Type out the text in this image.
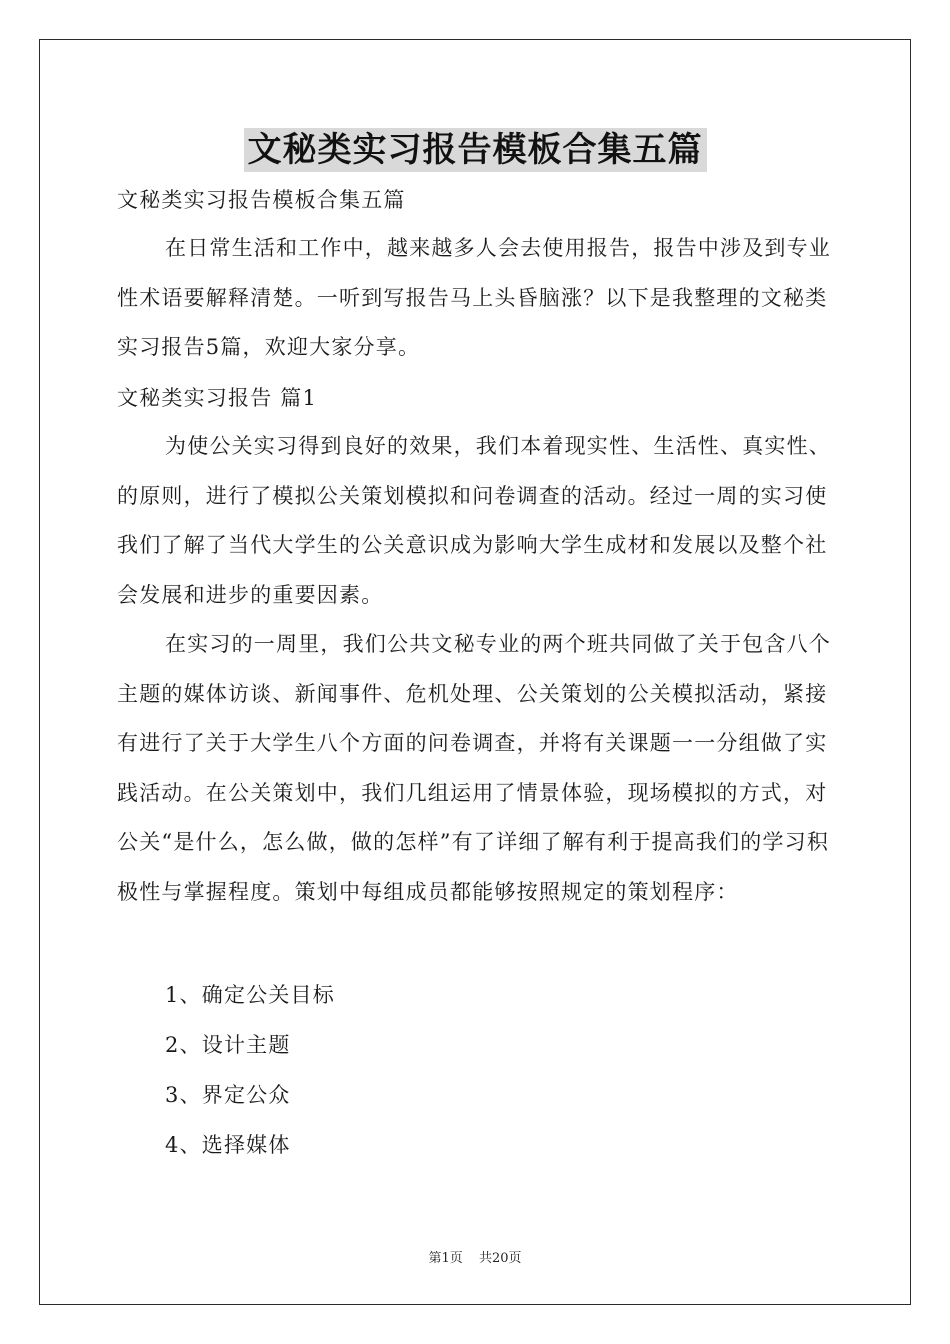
文秘类实习报告模板合集五篇

文秘类实习报告模板合集五篇

在日常生活和工作中，越来越多人会去使用报告，报告中涉及到专业性术语要解释清楚。一听到写报告马上头昏脑涨？以下是我整理的文秘类实习报告5篇，欢迎大家分享。

文秘类实习报告 篇1

为使公关实习得到良好的效果，我们本着现实性、生活性、真实性、的原则，进行了模拟公关策划模拟和问卷调查的活动。经过一周的实习使我们了解了当代大学生的公关意识成为影响大学生成材和发展以及整个社会发展和进步的重要因素。

在实习的一周里，我们公共文秘专业的两个班共同做了关于包含八个主题的媒体访谈、新闻事件、危机处理、公关策划的公关模拟活动，紧接有进行了关于大学生八个方面的问卷调查，并将有关课题一一分组做了实践活动。在公关策划中，我们几组运用了情景体验，现场模拟的方式，对公关“是什么，怎么做，做的怎样”有了详细了解有利于提高我们的学习积极性与掌握程度。策划中每组成员都能够按照规定的策划程序：

1、确定公关目标
2、设计主题
3、界定公众
4、选择媒体
第1页 共20页
